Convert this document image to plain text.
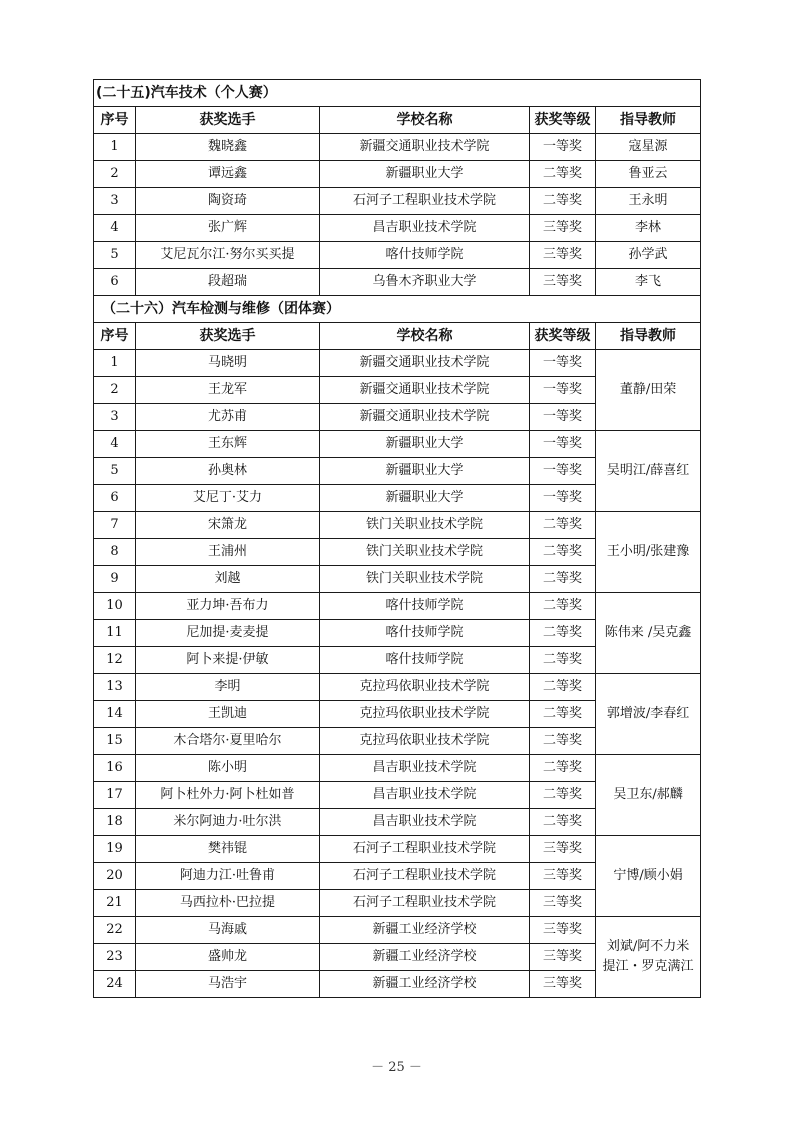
(二十五)汽车技术（个人赛）				
序号	获奖选手	学校名称	获奖等级	指导教师
1	魏晓鑫	新疆交通职业技术学院	一等奖	寇星源
2	谭远鑫	新疆职业大学	二等奖	鲁亚云
3	陶资琦	石河子工程职业技术学院	二等奖	王永明
4	张广辉	昌吉职业技术学院	三等奖	李林
5	艾尼瓦尔江·努尔买买提	喀什技师学院	三等奖	孙学武
6	段超瑞	乌鲁木齐职业大学	三等奖	李飞
（二十六）汽车检测与维修（团体赛）				
序号	获奖选手	学校名称	获奖等级	指导教师
1	马晓明	新疆交通职业技术学院	一等奖	董静/田荣
2	王龙军	新疆交通职业技术学院	一等奖	
3	尤苏甫	新疆交通职业技术学院	一等奖	
4	王东辉	新疆职业大学	一等奖	吴明江/薛喜红
5	孙奥林	新疆职业大学	一等奖	
6	艾尼丁·艾力	新疆职业大学	一等奖	
7	宋箫龙	铁门关职业技术学院	二等奖	王小明/张建豫
8	王浦州	铁门关职业技术学院	二等奖	
9	刘越	铁门关职业技术学院	二等奖	
10	亚力坤·吾布力	喀什技师学院	二等奖	陈伟来 /吴克鑫
11	尼加提·麦麦提	喀什技师学院	二等奖	
12	阿卜来提·伊敏	喀什技师学院	二等奖	
13	李明	克拉玛依职业技术学院	二等奖	郭增波/李春红
14	王凯迪	克拉玛依职业技术学院	二等奖	
15	木合塔尔·夏里哈尔	克拉玛依职业技术学院	二等奖	
16	陈小明	昌吉职业技术学院	二等奖	吴卫东/郝麟
17	阿卜杜外力·阿卜杜如普	昌吉职业技术学院	二等奖	
18	米尔阿迪力·吐尔洪	昌吉职业技术学院	二等奖	
19	樊祎锟	石河子工程职业技术学院	三等奖	宁博/顾小娟
20	阿迪力江·吐鲁甫	石河子工程职业技术学院	三等奖	
21	马西拉朴·巴拉提	石河子工程职业技术学院	三等奖	
22	马海戚	新疆工业经济学校	三等奖	刘斌/阿不力米提江・罗克满江
23	盛帅龙	新疆工业经济学校	三等奖	
24	马浩宇	新疆工业经济学校	三等奖	
－ 25 －
